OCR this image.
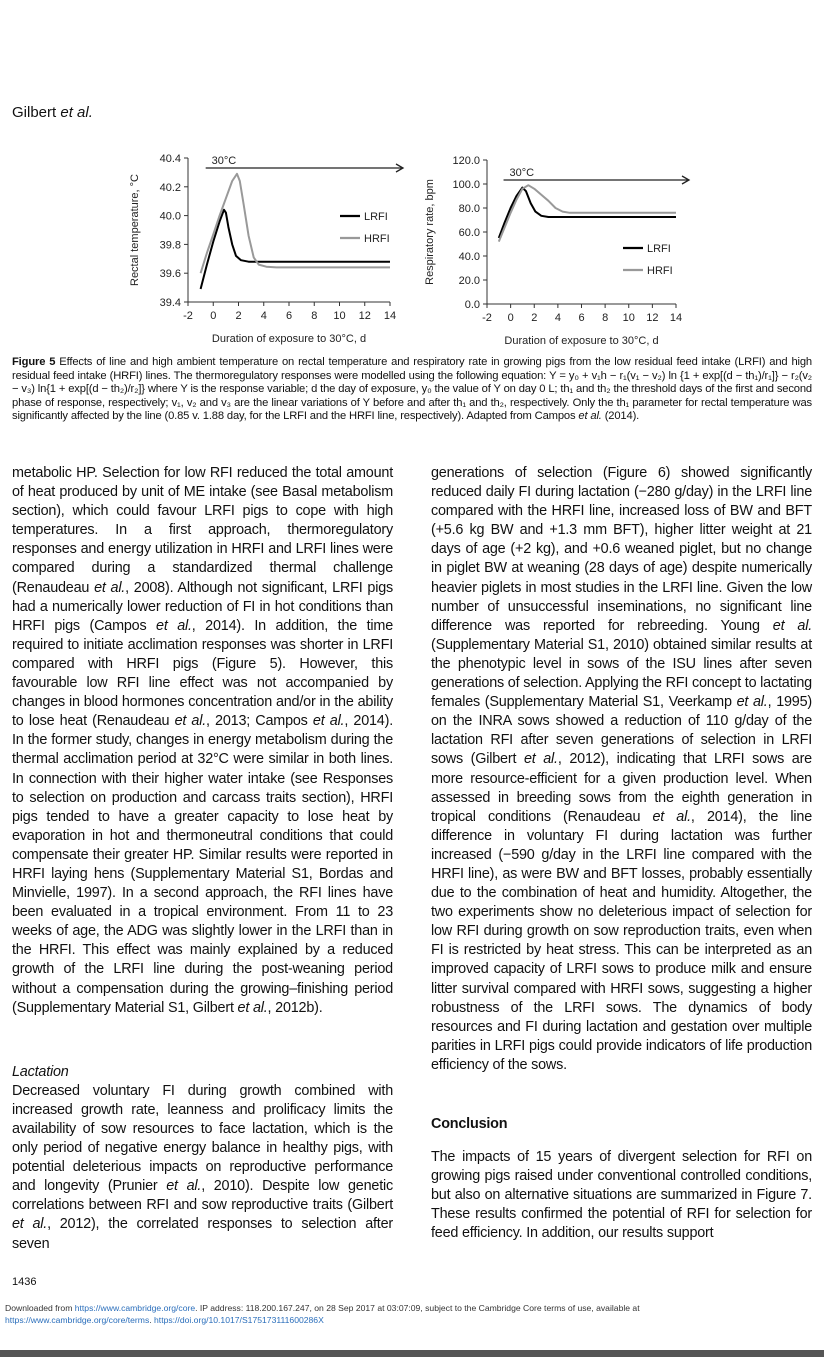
Gilbert et al.
39.4
39.6
39.8
40.0
40.2
40.4
-2 0 2 4 6 8 10 12 14
Duration of exposure to 30°C, d
Rectal temperature, °C
30°C
LRFI
HRFI
0.0
20.0
40.0
60.0
80.0
100.0
120.0
-2 0 2 4 6 8 10 12 14
Duration of exposure to 30°C, d
Respiratory rate, bpm
30°C
LRFI
HRFI
Figure 5 Effects of line and high ambient temperature on rectal temperature and respiratory rate in growing pigs from the low residual feed intake (LRFI) and high residual feed intake (HRFI) lines. The thermoregulatory responses were modelled using the following equation: Y = y₀ + v₁h − r₁(v₁ − v₂) ln {1 + exp[(d − th₁)/r₁]} − r₂(v₂ − v₃) ln{1 + exp[(d − th₂)/r₂]} where Y is the response variable; d the day of exposure, y₀ the value of Y on day 0 L; th₁ and th₂ the threshold days of the first and second phase of response, respectively; v₁, v₂ and v₃ are the linear variations of Y before and after th₁ and th₂, respectively. Only the th₁ parameter for rectal temperature was significantly affected by the line (0.85 v. 1.88 day, for the LRFI and the HRFI line, respectively). Adapted from Campos et al. (2014).

metabolic HP. Selection for low RFI reduced the total amount of heat produced by unit of ME intake (see Basal metabolism section), which could favour LRFI pigs to cope with high temperatures. In a first approach, thermoregulatory responses and energy utilization in HRFI and LRFI lines were compared during a standardized thermal challenge (Renaudeau et al., 2008). Although not significant, LRFI pigs had a numerically lower reduction of FI in hot conditions than HRFI pigs (Campos et al., 2014). In addition, the time required to initiate acclimation responses was shorter in LRFI compared with HRFI pigs (Figure 5). However, this favourable low RFI line effect was not accompanied by changes in blood hormones concentration and/or in the ability to lose heat (Renaudeau et al., 2013; Campos et al., 2014). In the former study, changes in energy metabolism during the thermal acclimation period at 32°C were similar in both lines. In connection with their higher water intake (see Responses to selection on production and carcass traits section), HRFI pigs tended to have a greater capacity to lose heat by evaporation in hot and thermoneutral conditions that could compensate their greater HP. Similar results were reported in HRFI laying hens (Supplementary Material S1, Bordas and Minvielle, 1997). In a second approach, the RFI lines have been evaluated in a tropical environment. From 11 to 23 weeks of age, the ADG was slightly lower in the LRFI than in the HRFI. This effect was mainly explained by a reduced growth of the LRFI line during the post-weaning period without a compensation during the growing–finishing period (Supplementary Material S1, Gilbert et al., 2012b).

Lactation

Decreased voluntary FI during growth combined with increased growth rate, leanness and prolificacy limits the availability of sow resources to face lactation, which is the only period of negative energy balance in healthy pigs, with potential deleterious impacts on reproductive performance and longevity (Prunier et al., 2010). Despite low genetic correlations between RFI and sow reproductive traits (Gilbert et al., 2012), the correlated responses to selection after seven

generations of selection (Figure 6) showed significantly reduced daily FI during lactation (−280 g/day) in the LRFI line compared with the HRFI line, increased loss of BW and BFT (+5.6 kg BW and +1.3 mm BFT), higher litter weight at 21 days of age (+2 kg), and +0.6 weaned piglet, but no change in piglet BW at weaning (28 days of age) despite numerically heavier piglets in most studies in the LRFI line. Given the low number of unsuccessful inseminations, no significant line difference was reported for rebreeding. Young et al. (Supplementary Material S1, 2010) obtained similar results at the phenotypic level in sows of the ISU lines after seven generations of selection. Applying the RFI concept to lactating females (Supplementary Material S1, Veerkamp et al., 1995) on the INRA sows showed a reduction of 110 g/day of the lactation RFI after seven generations of selection in LRFI sows (Gilbert et al., 2012), indicating that LRFI sows are more resource-efficient for a given production level. When assessed in breeding sows from the eighth generation in tropical conditions (Renaudeau et al., 2014), the line difference in voluntary FI during lactation was further increased (−590 g/day in the LRFI line compared with the HRFI line), as were BW and BFT losses, probably essentially due to the combination of heat and humidity. Altogether, the two experiments show no deleterious impact of selection for low RFI during growth on sow reproduction traits, even when FI is restricted by heat stress. This can be interpreted as an improved capacity of LRFI sows to produce milk and ensure litter survival compared with HRFI sows, suggesting a higher robustness of the LRFI sows. The dynamics of body resources and FI during lactation and gestation over multiple parities in LRFI pigs could provide indicators of life production efficiency of the sows.

Conclusion

The impacts of 15 years of divergent selection for RFI on growing pigs raised under conventional controlled conditions, but also on alternative situations are summarized in Figure 7. These results confirmed the potential of RFI for selection for feed efficiency. In addition, our results support

1436
Downloaded from https://www.cambridge.org/core. IP address: 118.200.167.247, on 28 Sep 2017 at 03:07:09, subject to the Cambridge Core terms of use, available at
https://www.cambridge.org/core/terms. https://doi.org/10.1017/S175173111600286X
